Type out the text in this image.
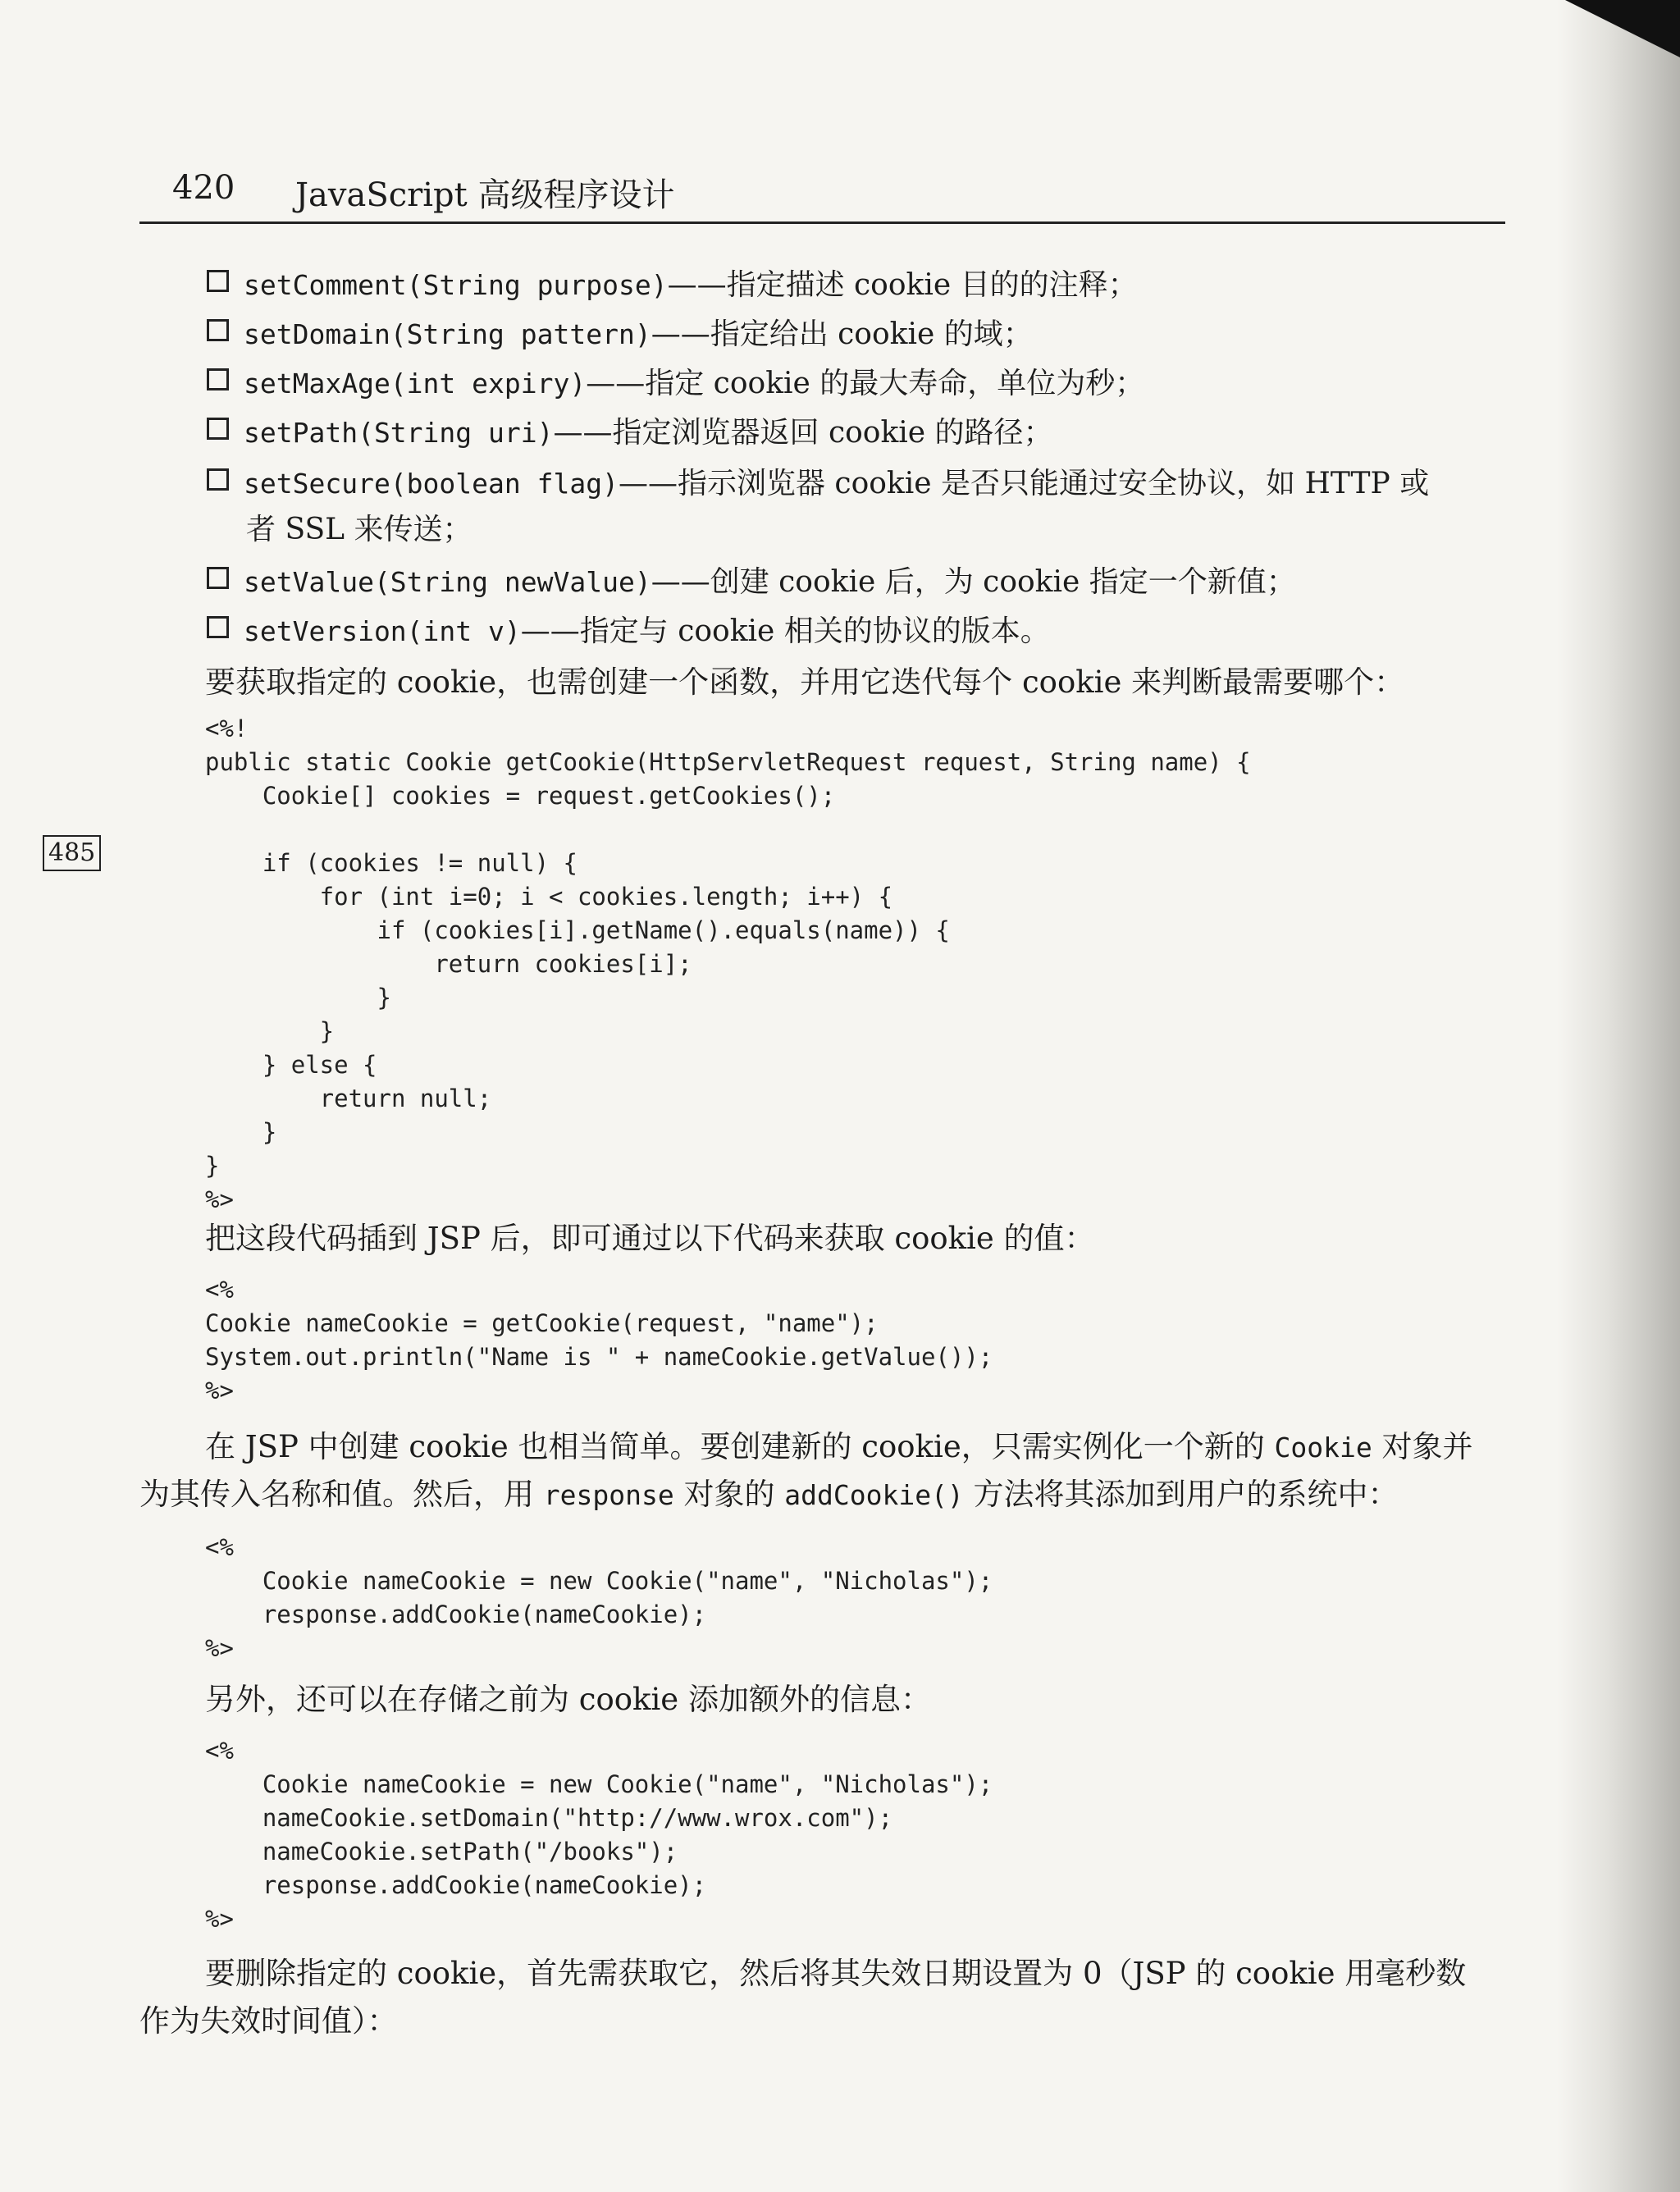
420 JavaScript 高级程序设计
setComment(String purpose)——指定描述 cookie 目的的注释；
setDomain(String pattern)——指定给出 cookie 的域；
setMaxAge(int expiry)——指定 cookie 的最大寿命，单位为秒；
setPath(String uri)——指定浏览器返回 cookie 的路径；
setSecure(boolean flag)——指示浏览器 cookie 是否只能通过安全协议，如 HTTP 或
者 SSL 来传送；
setValue(String newValue)——创建 cookie 后，为 cookie 指定一个新值；
setVersion(int v)——指定与 cookie 相关的协议的版本。
要获取指定的 cookie，也需创建一个函数，并用它迭代每个 cookie 来判断最需要哪个：
<%!
public static Cookie getCookie(HttpServletRequest request, String name) {
Cookie[] cookies = request.getCookies();

if (cookies != null) {
for (int i=0; i < cookies.length; i++) {
if (cookies[i].getName().equals(name)) {
return cookies[i];
}
}
} else {
return null;
}
}
%>
485
把这段代码插到 JSP 后，即可通过以下代码来获取 cookie 的值：
<%
Cookie nameCookie = getCookie(request, "name");
System.out.println("Name is " + nameCookie.getValue());
%>
在 JSP 中创建 cookie 也相当简单。要创建新的 cookie，只需实例化一个新的 Cookie 对象并
为其传入名称和值。然后，用 response 对象的 addCookie() 方法将其添加到用户的系统中：
<%
Cookie nameCookie = new Cookie("name", "Nicholas");
response.addCookie(nameCookie);
%>
另外，还可以在存储之前为 cookie 添加额外的信息：
<%
Cookie nameCookie = new Cookie("name", "Nicholas");
nameCookie.setDomain("http://www.wrox.com");
nameCookie.setPath("/books");
response.addCookie(nameCookie);
%>
要删除指定的 cookie，首先需获取它，然后将其失效日期设置为 0（JSP 的 cookie 用毫秒数
作为失效时间值）：
